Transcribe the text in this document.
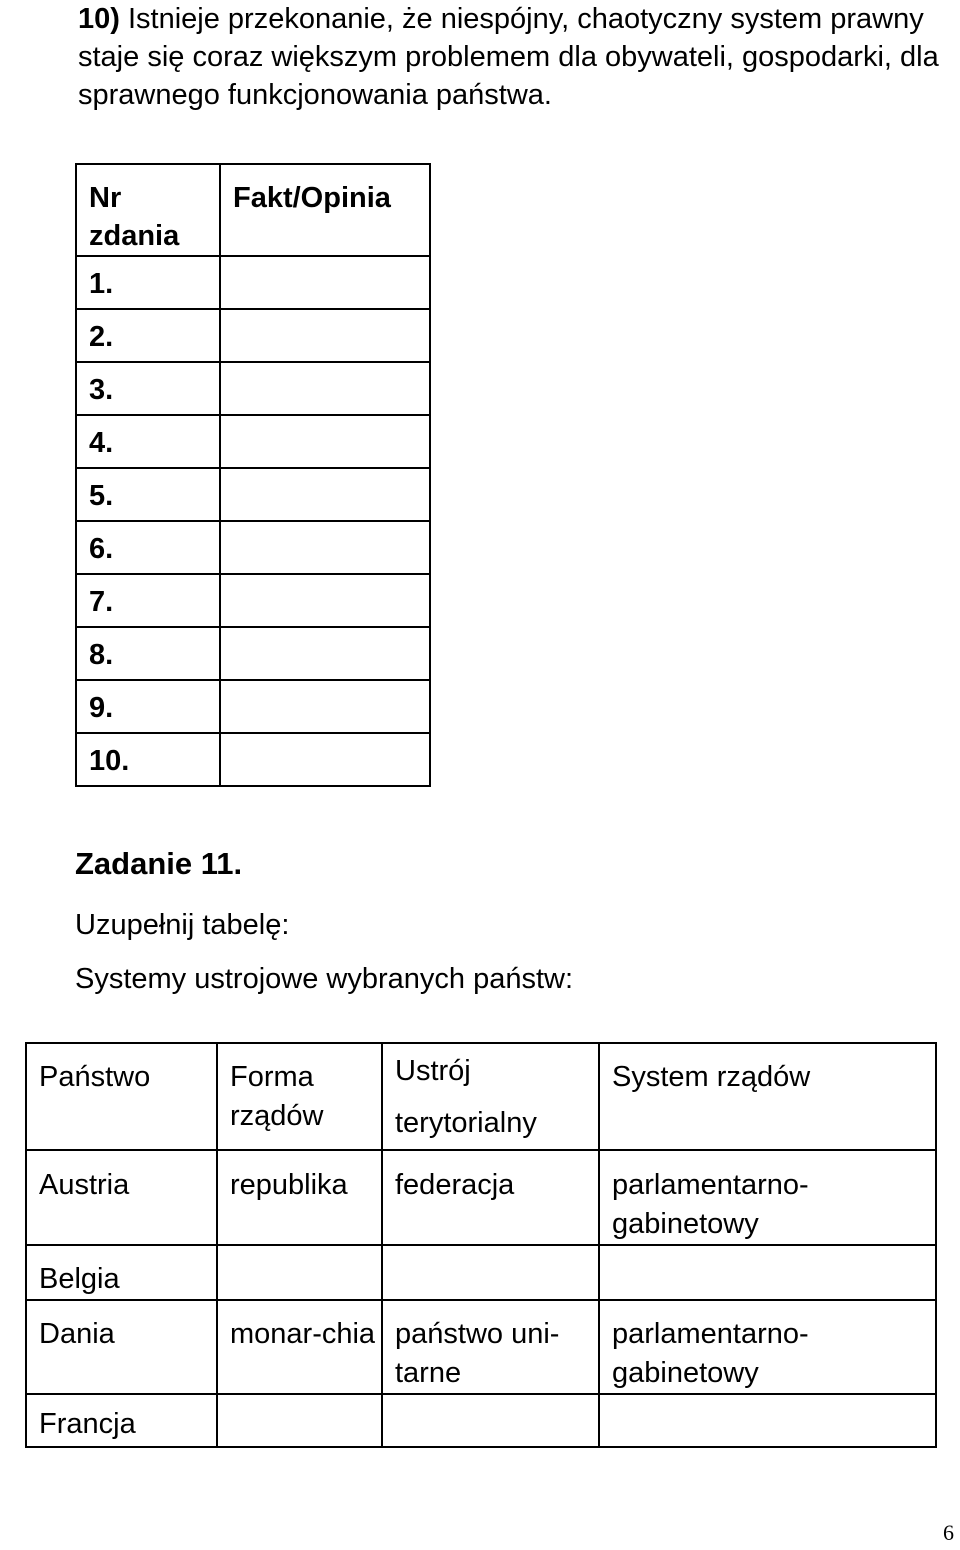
10) Istnieje przekonanie, że niespójny, chaotyczny system prawny staje się coraz większym problemem dla obywateli, gospodarki, dla sprawnego funkcjonowania państwa.
Nr zdania	Fakt/Opinia
1.	
2.	
3.	
4.	
5.	
6.	
7.	
8.	
9.	
10.	
Zadanie 11.
Uzupełnij tabelę:
Systemy ustrojowe wybranych państw:
Państwo	Forma rządów	Ustrój terytorialny	System rządów
Austria	republika	federacja	parlamentarno-gabinetowy
Belgia			
Dania	monar-chia	państwo uni-tarne	parlamentarno-gabinetowy
Francja			
6
